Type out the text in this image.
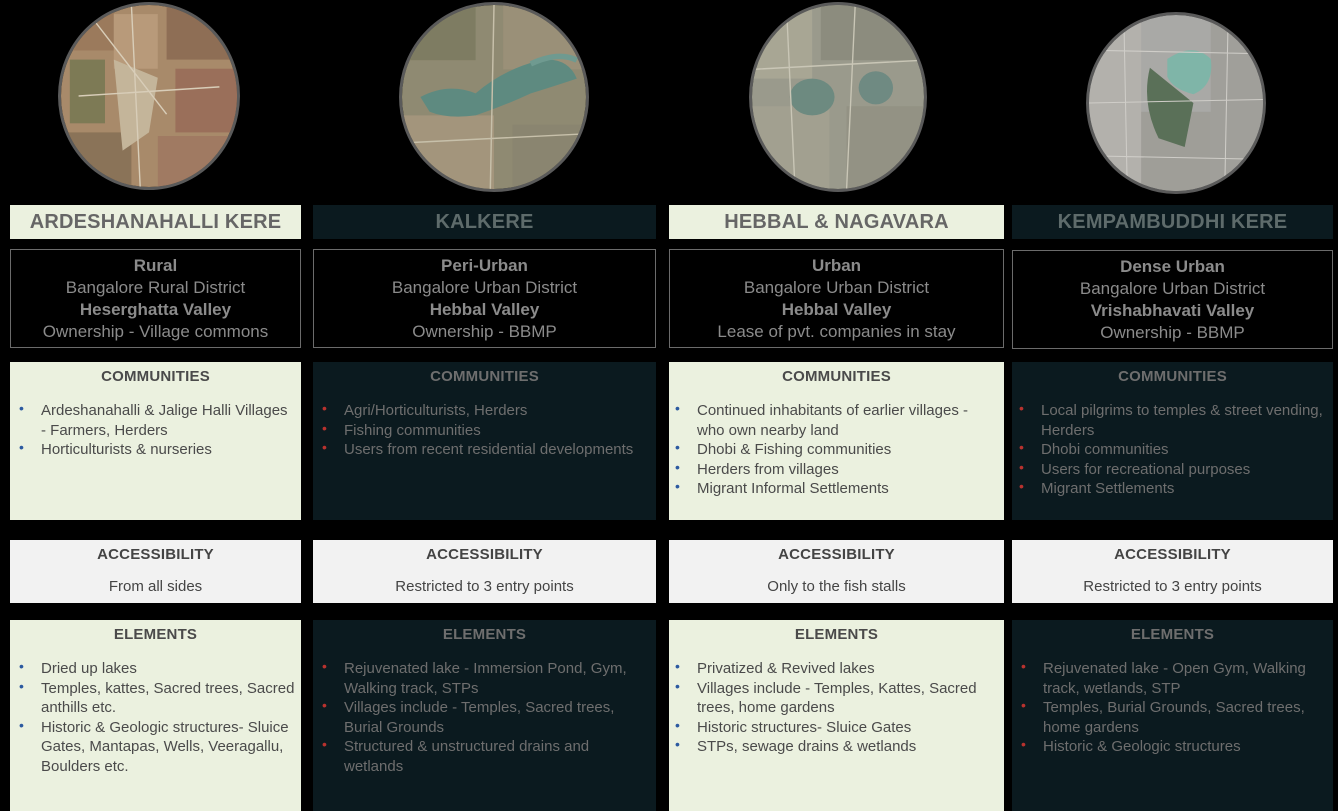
ARDESHANAHALLI KERE
Rural
Bangalore Rural District
Heserghatta Valley
Ownership - Village commons
COMMUNITIES
• Ardeshanahalli & Jalige Halli Villages - Farmers, Herders
• Horticulturists & nurseries
ACCESSIBILITY

From all sides

ELEMENTS
• Dried up lakes
• Temples, kattes, Sacred trees, Sacred anthills etc.
• Historic & Geologic structures- Sluice Gates, Mantapas, Wells, Veeragallu, Boulders etc.
KALKERE
Peri-Urban
Bangalore Urban District
Hebbal Valley
Ownership - BBMP
COMMUNITIES
• Agri/Horticulturists, Herders
• Fishing communities
• Users from recent residential developments
ACCESSIBILITY

Restricted to 3 entry points

ELEMENTS
• Rejuvenated lake - Immersion Pond, Gym, Walking track, STPs
• Villages include - Temples, Sacred trees, Burial Grounds
• Structured & unstructured drains and wetlands
HEBBAL & NAGAVARA
Urban
Bangalore Urban District
Hebbal Valley
Lease of pvt. companies in stay
COMMUNITIES
• Continued inhabitants of earlier villages - who own nearby land
• Dhobi & Fishing communities
• Herders from villages
• Migrant Informal Settlements
ACCESSIBILITY

Only to the fish stalls

ELEMENTS
• Privatized & Revived lakes
• Villages include - Temples, Kattes, Sacred trees, home gardens
• Historic structures- Sluice Gates
• STPs, sewage drains & wetlands
KEMPAMBUDDHI KERE
Dense Urban
Bangalore Urban District
Vrishabhavati Valley
Ownership - BBMP
COMMUNITIES
• Local pilgrims to temples & street vending, Herders
• Dhobi communities
• Users for recreational purposes
• Migrant Settlements
ACCESSIBILITY

Restricted to 3 entry points

ELEMENTS
• Rejuvenated lake - Open Gym, Walking track, wetlands, STP
• Temples, Burial Grounds, Sacred trees, home gardens
• Historic & Geologic structures
